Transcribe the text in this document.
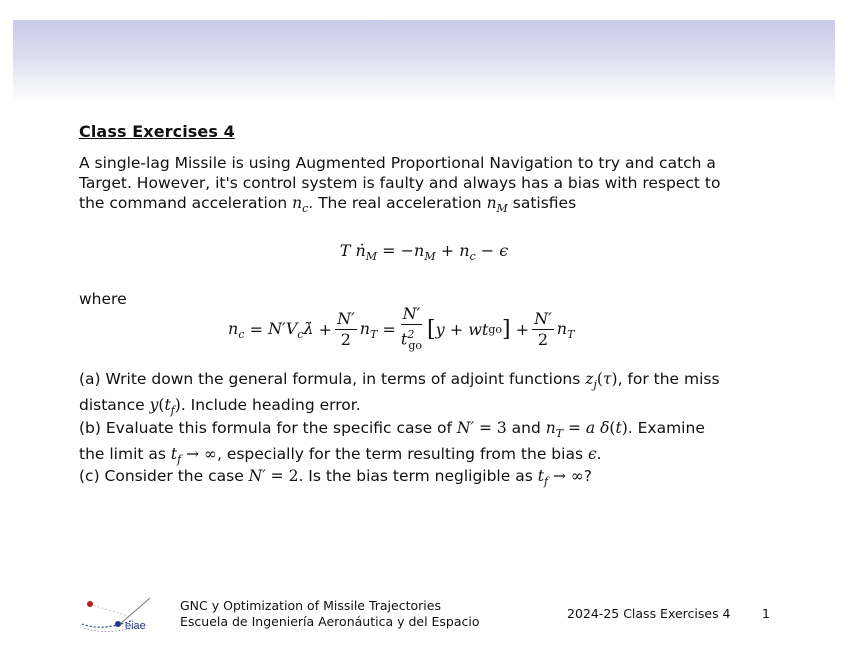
Class Exercises 4
A single-lag Missile is using Augmented Proportional Navigation to try and catch a
Target. However, it's control system is faulty and always has a bias with respect to
the command acceleration $n_c$. The real acceleration $n_M$ satisfies
T ṅ$_M$ = $-n_M + n_c - \epsilon$
where
$n_c$
=
$N'V_c\lambdȧ$
+ $\frac{N'}{2} n_T$
= $\frac{N'}{t^2_{go}}$ [ y
+
wt go ]
+ $\frac{N'}{2} n_T$
(a) Write down the general formula, in terms of adjoint functions $z_j(\tau)$, for the miss
distance $y(t_f)$. Include heading error.
(b) Evaluate this formula for the specific case of N′ = 3 and $n_T = a$ δ(t). Examine
the limit as $t_f$ → ∞, especially for the term resulting from the bias ϵ.
(c) Consider the case N′ = 2. Is the bias term negligible as $t_f$ → ∞?
eiae
GNC y Optimization of Missile Trajectories
Escuela de Ingeniería Aeronáutica y del Espacio
2024-25 Class Exercises 4	1
